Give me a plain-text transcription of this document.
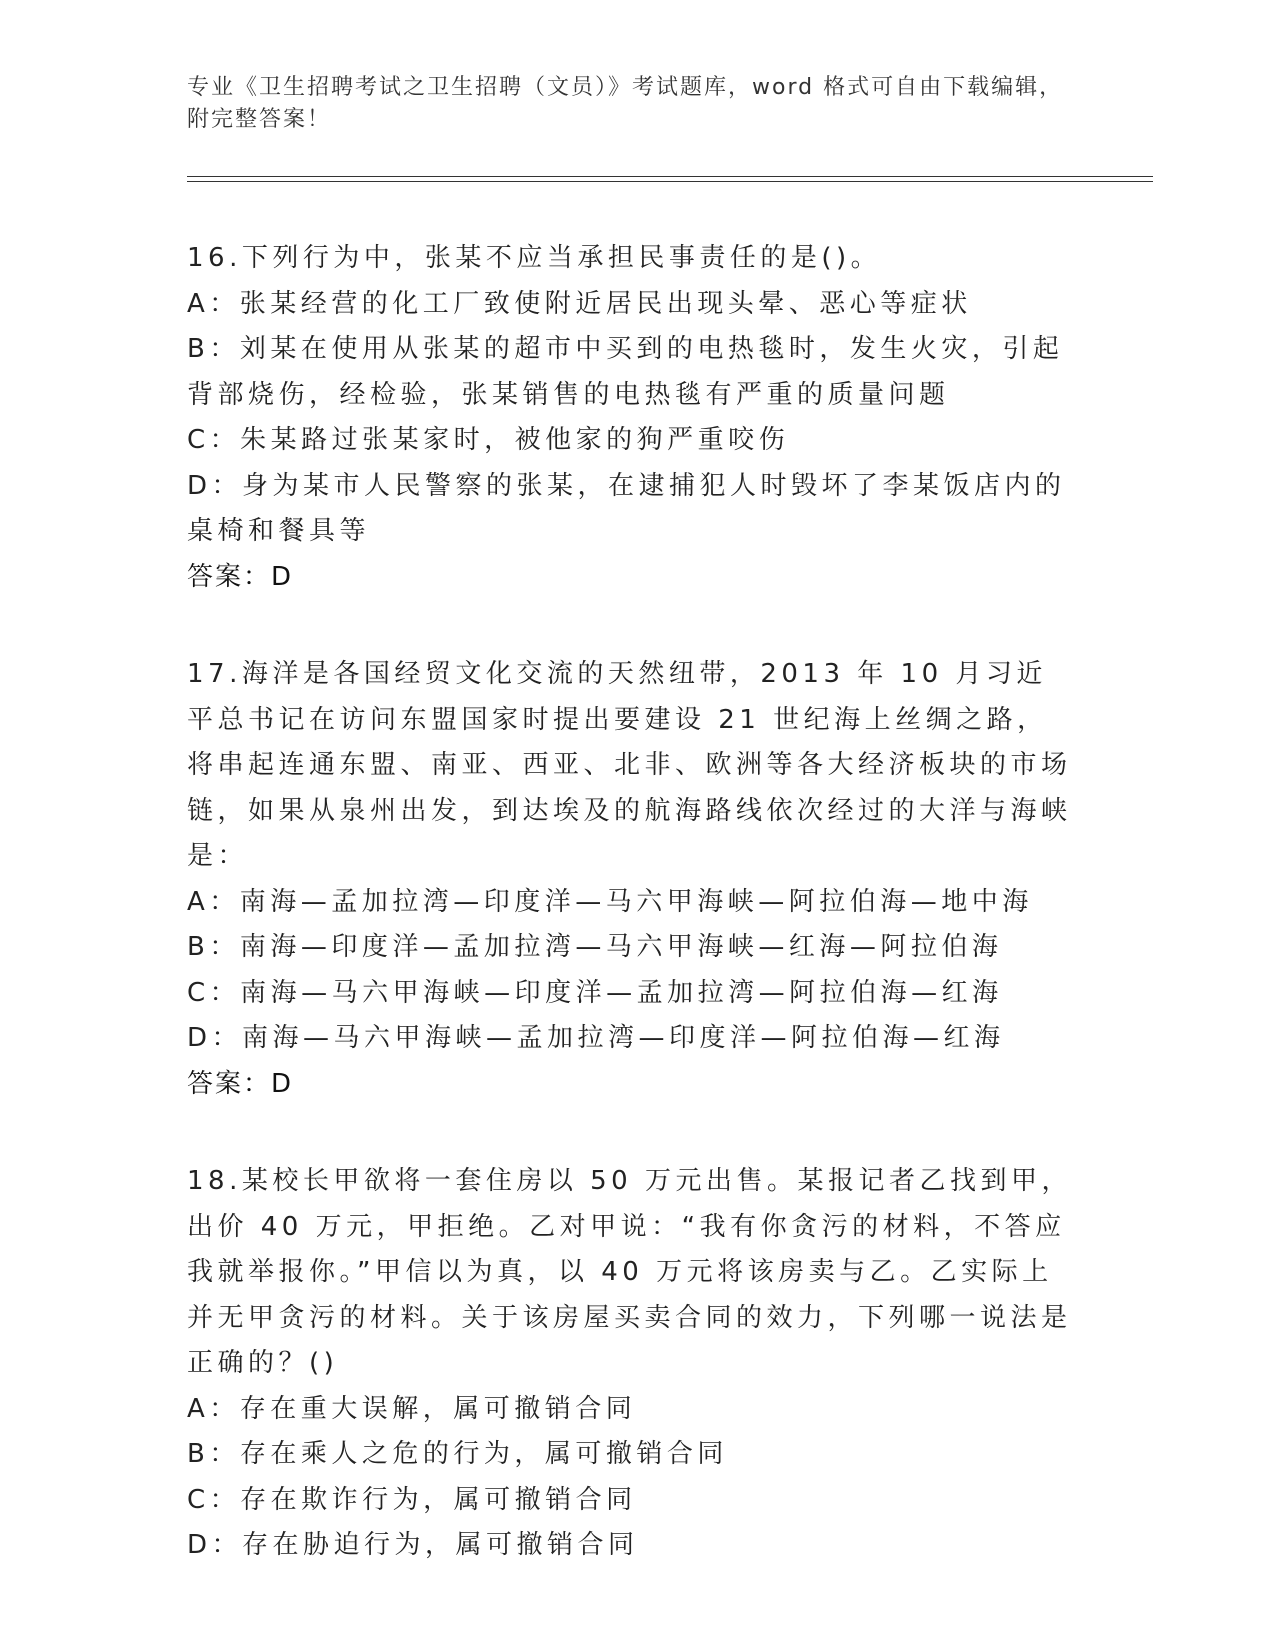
专业《卫生招聘考试之卫生招聘（文员）》考试题库，word 格式可自由下载编辑，附完整答案！

16.下列行为中，张某不应当承担民事责任的是()。

A：张某经营的化工厂致使附近居民出现头晕、恶心等症状

B：刘某在使用从张某的超市中买到的电热毯时，发生火灾，引起背部烧伤，经检验，张某销售的电热毯有严重的质量问题

C：朱某路过张某家时，被他家的狗严重咬伤

D：身为某市人民警察的张某，在逮捕犯人时毁坏了李某饭店内的桌椅和餐具等

答案：D

17.海洋是各国经贸文化交流的天然纽带，2013 年 10 月习近平总书记在访问东盟国家时提出要建设 21 世纪海上丝绸之路，将串起连通东盟、南亚、西亚、北非、欧洲等各大经济板块的市场链，如果从泉州出发，到达埃及的航海路线依次经过的大洋与海峡是：

A：南海—孟加拉湾—印度洋—马六甲海峡—阿拉伯海—地中海

B：南海—印度洋—孟加拉湾—马六甲海峡—红海—阿拉伯海

C：南海—马六甲海峡—印度洋—孟加拉湾—阿拉伯海—红海

D：南海—马六甲海峡—孟加拉湾—印度洋—阿拉伯海—红海

答案：D

18.某校长甲欲将一套住房以 50 万元出售。某报记者乙找到甲，出价 40 万元，甲拒绝。乙对甲说：“我有你贪污的材料，不答应我就举报你。”甲信以为真，以 40 万元将该房卖与乙。乙实际上并无甲贪污的材料。关于该房屋买卖合同的效力，下列哪一说法是正确的？()

A：存在重大误解，属可撤销合同

B：存在乘人之危的行为，属可撤销合同

C：存在欺诈行为，属可撤销合同

D：存在胁迫行为，属可撤销合同
